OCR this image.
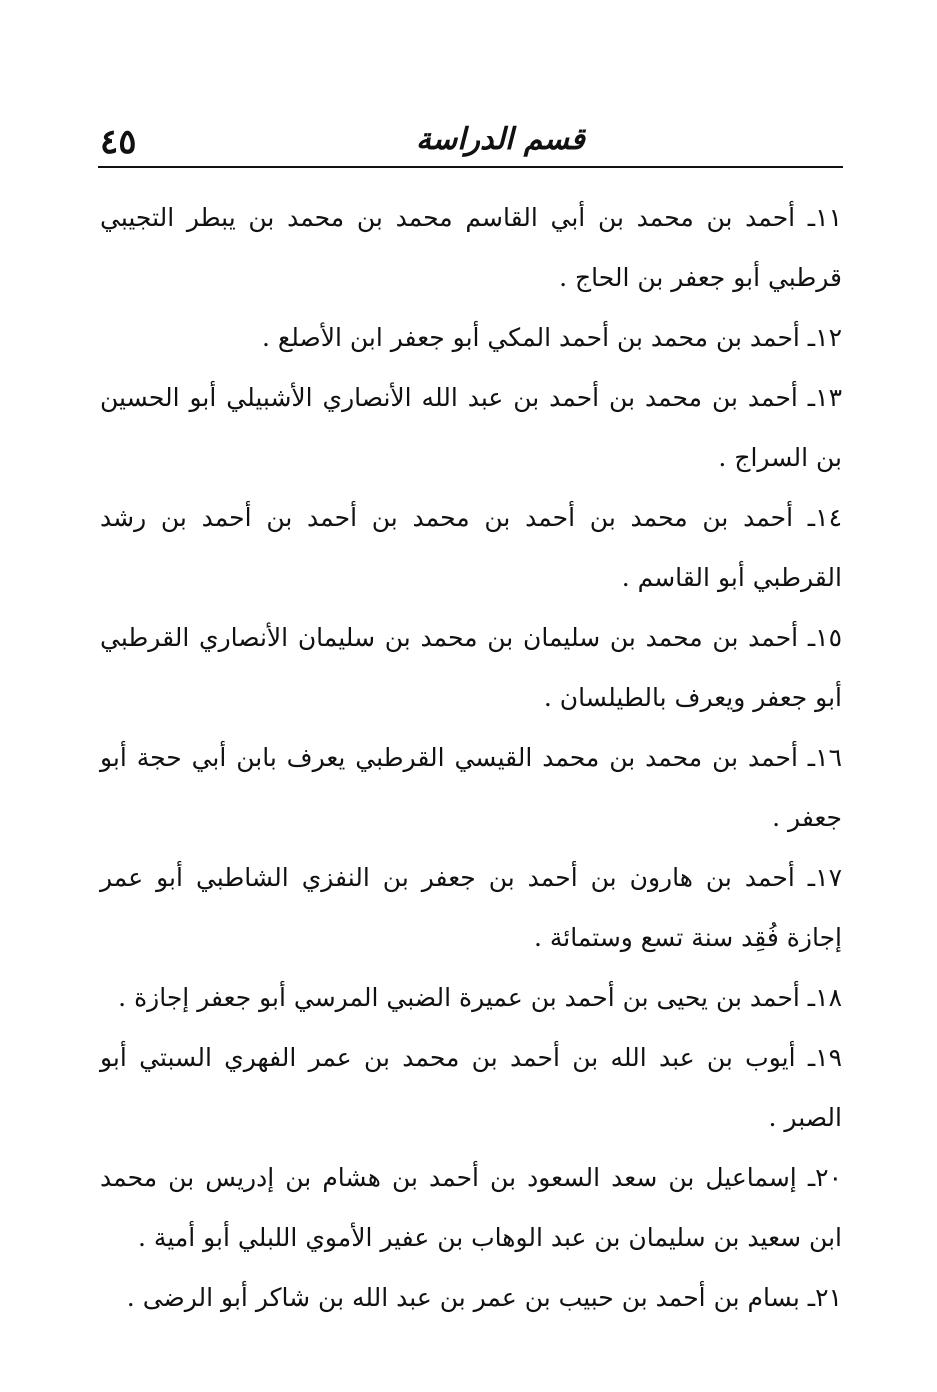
٤٥	قسم الدراسة

١١ـ أحمد بن محمد بن أبي القاسم محمد بن محمد بن يبطر التجيبي قرطبي أبو جعفر بن الحاج .

١٢ـ أحمد بن محمد بن أحمد المكي أبو جعفر ابن الأصلع .

١٣ـ أحمد بن محمد بن أحمد بن عبد الله الأنصاري الأشبيلي أبو الحسين بن السراج .

١٤ـ أحمد بن محمد بن أحمد بن محمد بن أحمد بن أحمد بن رشد القرطبي أبو القاسم .

١٥ـ أحمد بن محمد بن سليمان بن محمد بن سليمان الأنصاري القرطبي أبو جعفر ويعرف بالطيلسان .

١٦ـ أحمد بن محمد بن محمد القيسي القرطبي يعرف بابن أبي حجة أبو جعفر .

١٧ـ أحمد بن هارون بن أحمد بن جعفر بن النفزي الشاطبي أبو عمر إجازة فُقِد سنة تسع وستمائة .

١٨ـ أحمد بن يحيى بن أحمد بن عميرة الضبي المرسي أبو جعفر إجازة .

١٩ـ أيوب بن عبد الله بن أحمد بن محمد بن عمر الفهري السبتي أبو الصبر .

٢٠ـ إسماعيل بن سعد السعود بن أحمد بن هشام بن إدريس بن محمد ابن سعيد بن سليمان بن عبد الوهاب بن عفير الأموي اللبلي أبو أمية .

٢١ـ بسام بن أحمد بن حبيب بن عمر بن عبد الله بن شاكر أبو الرضى .
